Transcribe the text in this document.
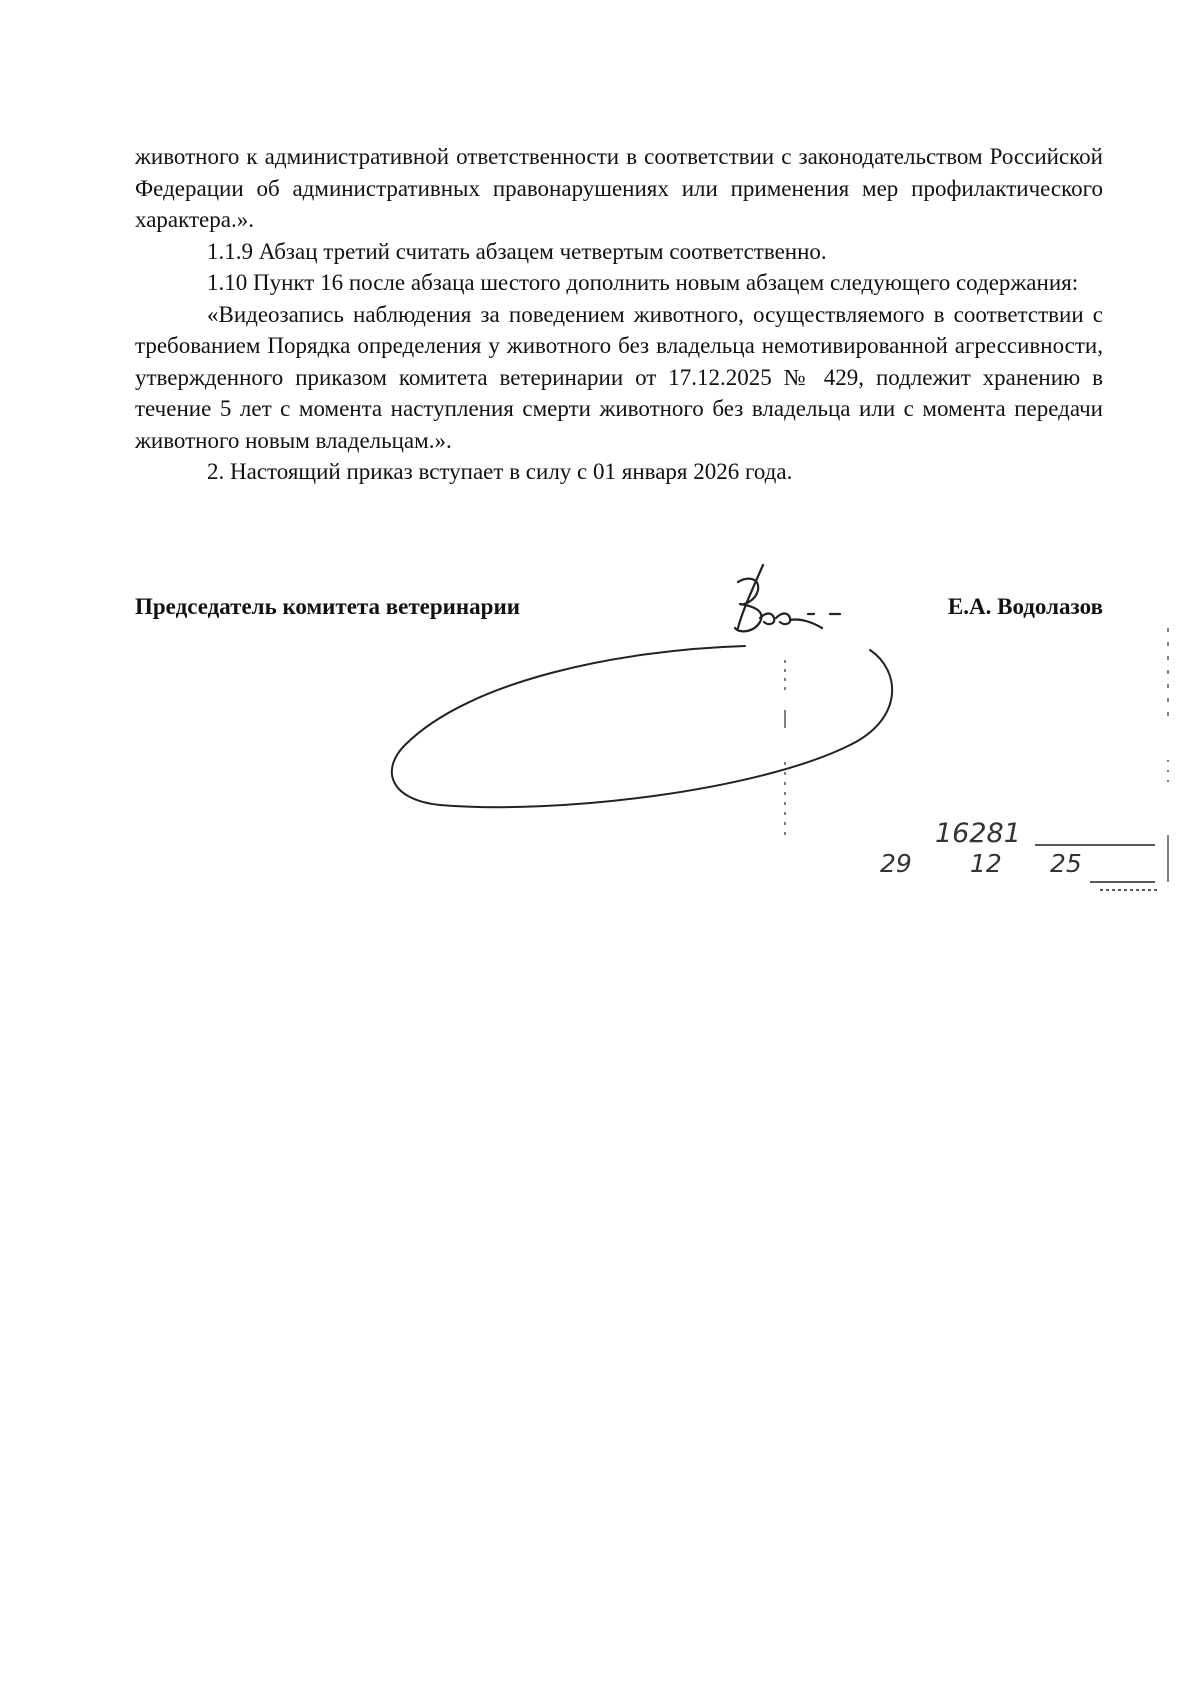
животного к административной ответственности в соответствии с законодательством Российской Федерации об административных правонарушениях или применения мер профилактического характера.».

1.1.9 Абзац третий считать абзацем четвертым соответственно.

1.10 Пункт 16 после абзаца шестого дополнить новым абзацем следующего содержания:

«Видеозапись наблюдения за поведением животного, осуществляемого в соответствии с требованием Порядка определения у животного без владельца немотивированной агрессивности, утвержденного приказом комитета ветеринарии от 17.12.2025 № 429, подлежит хранению в течение 5 лет с момента наступления смерти животного без владельца или с момента передачи животного новым владельцам.».

2. Настоящий приказ вступает в силу с 01 января 2026 года.

Председатель комитета ветеринарии	Е.А. Водолазов
16281
29 12 25
